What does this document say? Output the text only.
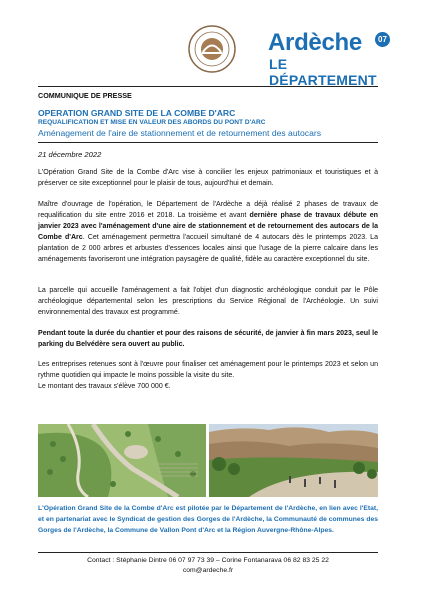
Ardèche	07
LE DÉPARTEMENT
COMMUNIQUE DE PRESSE
OPERATION GRAND SITE DE LA COMBE D'ARC
REQUALIFICATION ET MISE EN VALEUR DES ABORDS DU PONT D'ARC
Aménagement de l'aire de stationnement et de retournement des autocars
21 décembre 2022
L'Opération Grand Site de la Combe d'Arc vise à concilier les enjeux patrimoniaux et touristiques et à préserver ce site exceptionnel pour le plaisir de tous, aujourd'hui et demain.
Maître d'ouvrage de l'opération, le Département de l'Ardèche a déjà réalisé 2 phases de travaux de requalification du site entre 2016 et 2018. La troisième et avant dernière phase de travaux débute en janvier 2023 avec l'aménagement d'une aire de stationnement et de retournement des autocars de la Combe d'Arc. Cet aménagement permettra l'accueil simultané de 4 autocars dès le printemps 2023. La plantation de 2 000 arbres et arbustes d'essences locales ainsi que l'usage de la pierre calcaire dans les aménagements favoriseront une intégration paysagère de qualité, fidèle au caractère exceptionnel du site.
La parcelle qui accueille l'aménagement a fait l'objet d'un diagnostic archéologique conduit par le Pôle archéologique départemental selon les prescriptions du Service Régional de l'Archéologie. Un suivi environnemental des travaux est programmé.
Pendant toute la durée du chantier et pour des raisons de sécurité, de janvier à fin mars 2023, seul le parking du Belvédère sera ouvert au public.
Les entreprises retenues sont à l'œuvre pour finaliser cet aménagement pour le printemps 2023 et selon un rythme quotidien qui impacte le moins possible la visite du site.
Le montant des travaux s'élève 700 000 €.
L'Opération Grand Site de la Combe d'Arc est pilotée par le Département de l'Ardèche, en lien avec l'Etat, et en partenariat avec le Syndicat de gestion des Gorges de l'Ardèche, la Communauté de communes des Gorges de l'Ardèche, la Commune de Vallon Pont d'Arc et la Région Auvergne-Rhône-Alpes.
Contact : Stéphanie Dintre 06 07 97 73 39 – Corine Fontanarava 06 82 83 25 22
com@ardeche.fr
